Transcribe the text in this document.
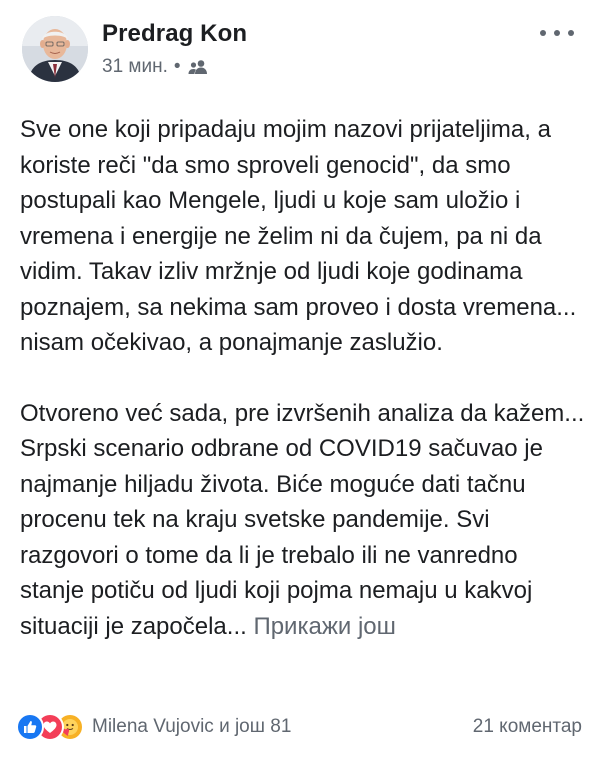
Predrag Kon
31 мин. •

Sve one koji pripadaju mojim nazovi prijateljima, a koriste reči "da smo sproveli genocid", da smo postupali kao Mengele, ljudi u koje sam uložio i vremena i energije ne želim ni da čujem, pa ni da vidim. Takav izliv mržnje od ljudi koje godinama poznajem, sa nekima sam proveo i dosta vremena... nisam očekivao, a ponajmanje zaslužio.

Otvoreno već sada, pre izvršenih analiza da kažem... Srpski scenario odbrane od COVID19 sačuvao je najmanje hiljadu života. Biće moguće dati tačnu procenu tek na kraju svetske pandemije. Svi razgovori o tome da li je trebalo ili ne vanredno stanje potiču od ljudi koji pojma nemaju u kakvoj situaciji je započela... Прикажи још

Milena Vujovic и још 81	21 коментар
